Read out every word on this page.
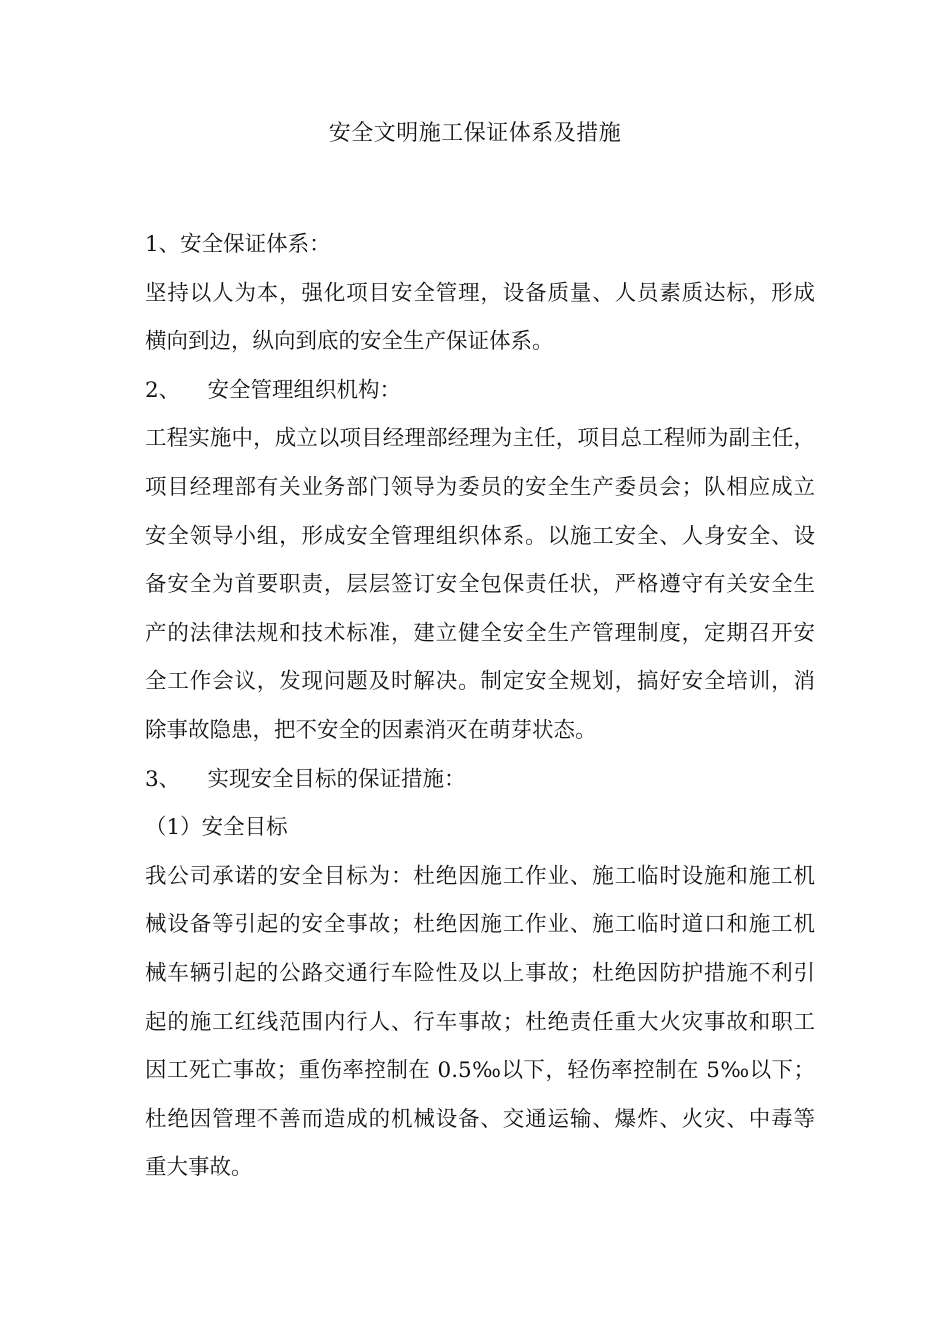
安全文明施工保证体系及措施
1、安全保证体系：
坚持以人为本，强化项目安全管理，设备质量、人员素质达标，形成
横向到边，纵向到底的安全生产保证体系。
2、    安全管理组织机构：
工程实施中，成立以项目经理部经理为主任，项目总工程师为副主任，
项目经理部有关业务部门领导为委员的安全生产委员会；队相应成立
安全领导小组，形成安全管理组织体系。以施工安全、人身安全、设
备安全为首要职责，层层签订安全包保责任状，严格遵守有关安全生
产的法律法规和技术标准，建立健全安全生产管理制度，定期召开安
全工作会议，发现问题及时解决。制定安全规划，搞好安全培训，消
除事故隐患，把不安全的因素消灭在萌芽状态。
3、    实现安全目标的保证措施：
（1）安全目标
我公司承诺的安全目标为：杜绝因施工作业、施工临时设施和施工机
械设备等引起的安全事故；杜绝因施工作业、施工临时道口和施工机
械车辆引起的公路交通行车险性及以上事故；杜绝因防护措施不利引
起的施工红线范围内行人、行车事故；杜绝责任重大火灾事故和职工
因工死亡事故；重伤率控制在 0.5‰以下，轻伤率控制在 5‰以下；
杜绝因管理不善而造成的机械设备、交通运输、爆炸、火灾、中毒等
重大事故。
